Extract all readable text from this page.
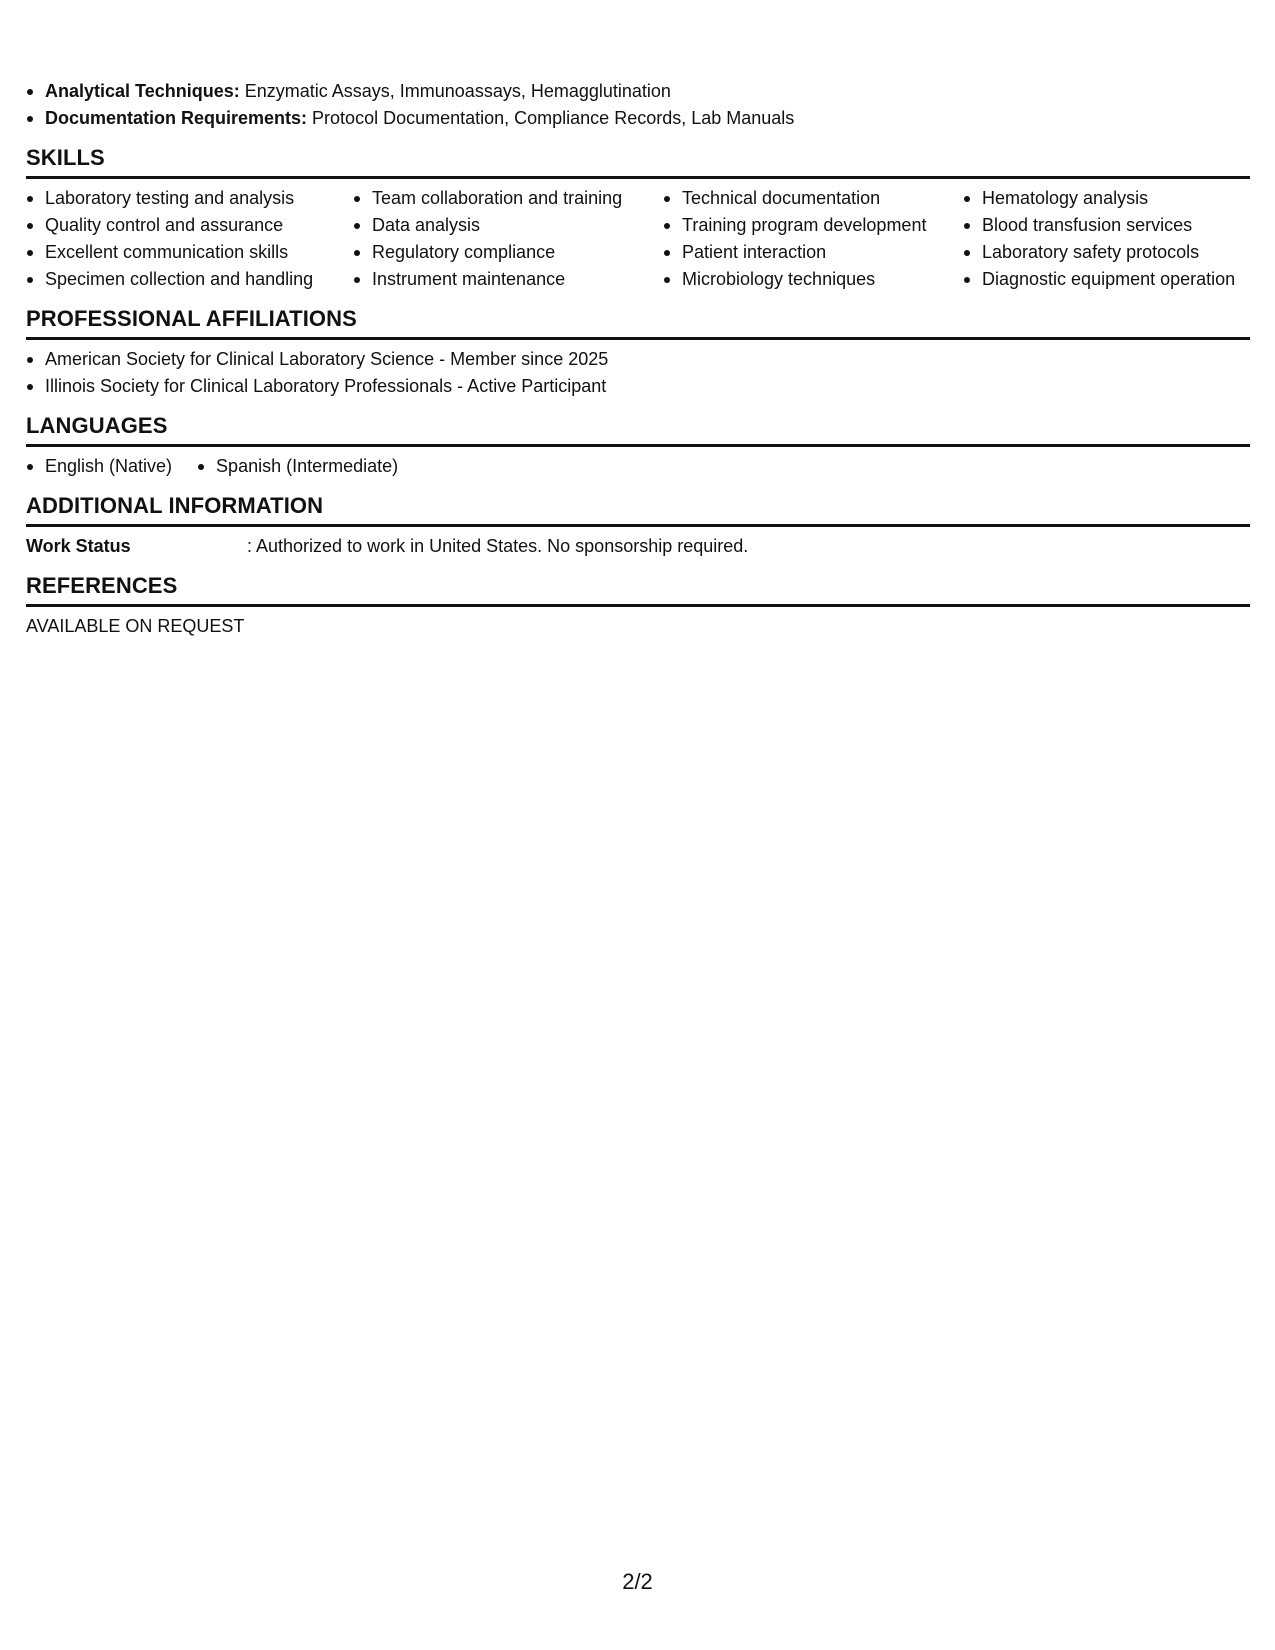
Analytical Techniques: Enzymatic Assays, Immunoassays, Hemagglutination
Documentation Requirements: Protocol Documentation, Compliance Records, Lab Manuals
SKILLS
Laboratory testing and analysis
Quality control and assurance
Excellent communication skills
Specimen collection and handling
Team collaboration and training
Data analysis
Regulatory compliance
Instrument maintenance
Technical documentation
Training program development
Patient interaction
Microbiology techniques
Hematology analysis
Blood transfusion services
Laboratory safety protocols
Diagnostic equipment operation
PROFESSIONAL AFFILIATIONS
American Society for Clinical Laboratory Science - Member since 2025
Illinois Society for Clinical Laboratory Professionals - Active Participant
LANGUAGES
English (Native)	Spanish (Intermediate)
ADDITIONAL INFORMATION
Work Status	: Authorized to work in United States. No sponsorship required.
REFERENCES
AVAILABLE ON REQUEST
2/2
